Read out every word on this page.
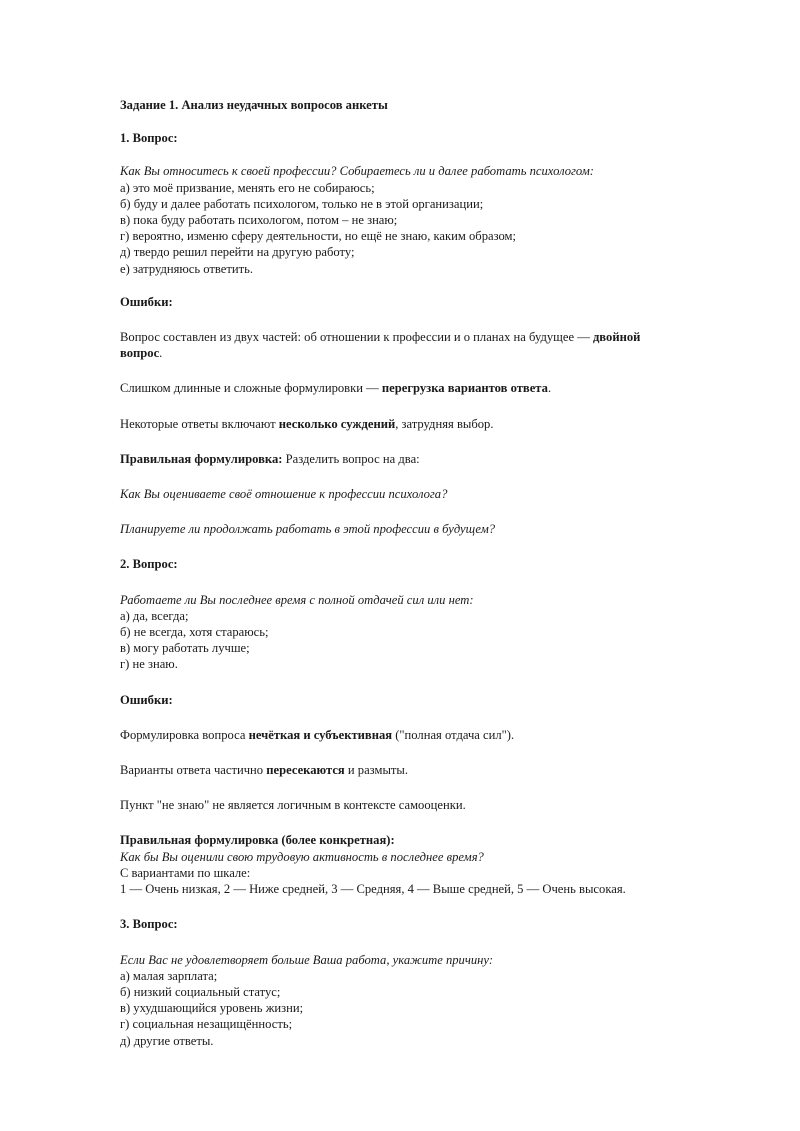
Задание 1. Анализ неудачных вопросов анкеты
1. Вопрос:
Как Вы относитесь к своей профессии? Собираетесь ли и далее работать психологом:
а) это моё призвание, менять его не собираюсь;
б) буду и далее работать психологом, только не в этой организации;
в) пока буду работать психологом, потом – не знаю;
г) вероятно, изменю сферу деятельности, но ещё не знаю, каким образом;
д) твердо решил перейти на другую работу;
е) затрудняюсь ответить.
Ошибки:
Вопрос составлен из двух частей: об отношении к профессии и о планах на будущее — двойной вопрос.
Слишком длинные и сложные формулировки — перегрузка вариантов ответа.
Некоторые ответы включают несколько суждений, затрудняя выбор.
Правильная формулировка: Разделить вопрос на два:
Как Вы оцениваете своё отношение к профессии психолога?
Планируете ли продолжать работать в этой профессии в будущем?
2. Вопрос:
Работаете ли Вы последнее время с полной отдачей сил или нет:
а) да, всегда;
б) не всегда, хотя стараюсь;
в) могу работать лучше;
г) не знаю.
Ошибки:
Формулировка вопроса нечёткая и субъективная ("полная отдача сил").
Варианты ответа частично пересекаются и размыты.
Пункт "не знаю" не является логичным в контексте самооценки.
Правильная формулировка (более конкретная):
Как бы Вы оценили свою трудовую активность в последнее время?
С вариантами по шкале:
1 — Очень низкая, 2 — Ниже средней, 3 — Средняя, 4 — Выше средней, 5 — Очень высокая.
3. Вопрос:
Если Вас не удовлетворяет больше Ваша работа, укажите причину:
а) малая зарплата;
б) низкий социальный статус;
в) ухудшающийся уровень жизни;
г) социальная незащищённость;
д) другие ответы.
